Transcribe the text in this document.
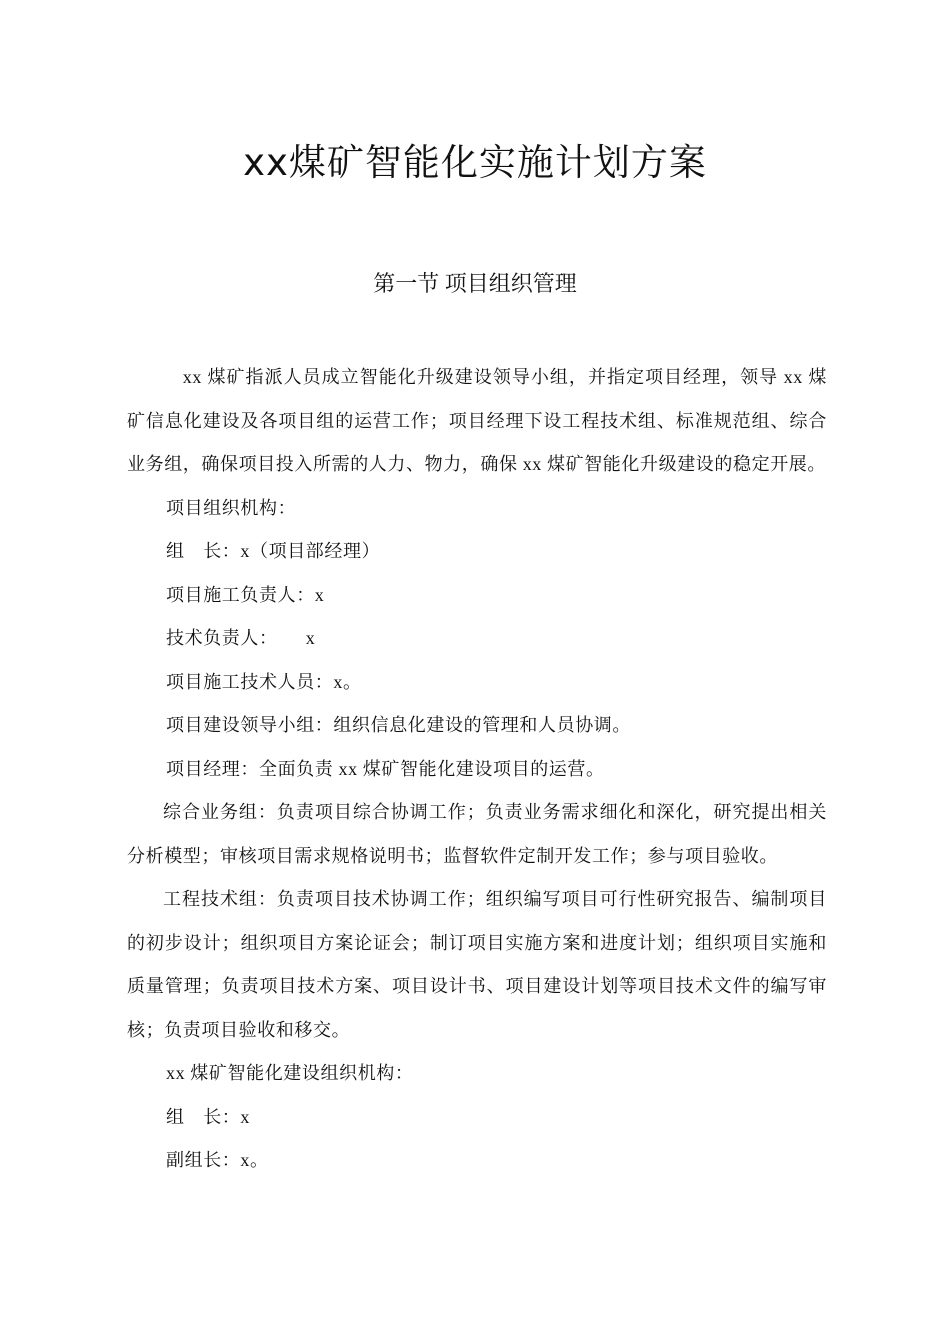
xx煤矿智能化实施计划方案
第一节 项目组织管理

xx 煤矿指派人员成立智能化升级建设领导小组，并指定项目经理，领导 xx 煤矿信息化建设及各项目组的运营工作；项目经理下设工程技术组、标准规范组、综合业务组，确保项目投入所需的人力、物力，确保 xx 煤矿智能化升级建设的稳定开展。

项目组织机构：

组　长：x（项目部经理）

项目施工负责人：x

技术负责人：　　x

项目施工技术人员：x。

项目建设领导小组：组织信息化建设的管理和人员协调。

项目经理：全面负责 xx 煤矿智能化建设项目的运营。

综合业务组：负责项目综合协调工作；负责业务需求细化和深化，研究提出相关分析模型；审核项目需求规格说明书；监督软件定制开发工作；参与项目验收。

工程技术组：负责项目技术协调工作；组织编写项目可行性研究报告、编制项目的初步设计；组织项目方案论证会；制订项目实施方案和进度计划；组织项目实施和质量管理；负责项目技术方案、项目设计书、项目建设计划等项目技术文件的编写审核；负责项目验收和移交。

xx 煤矿智能化建设组织机构：

组　长：x

副组长：x。
